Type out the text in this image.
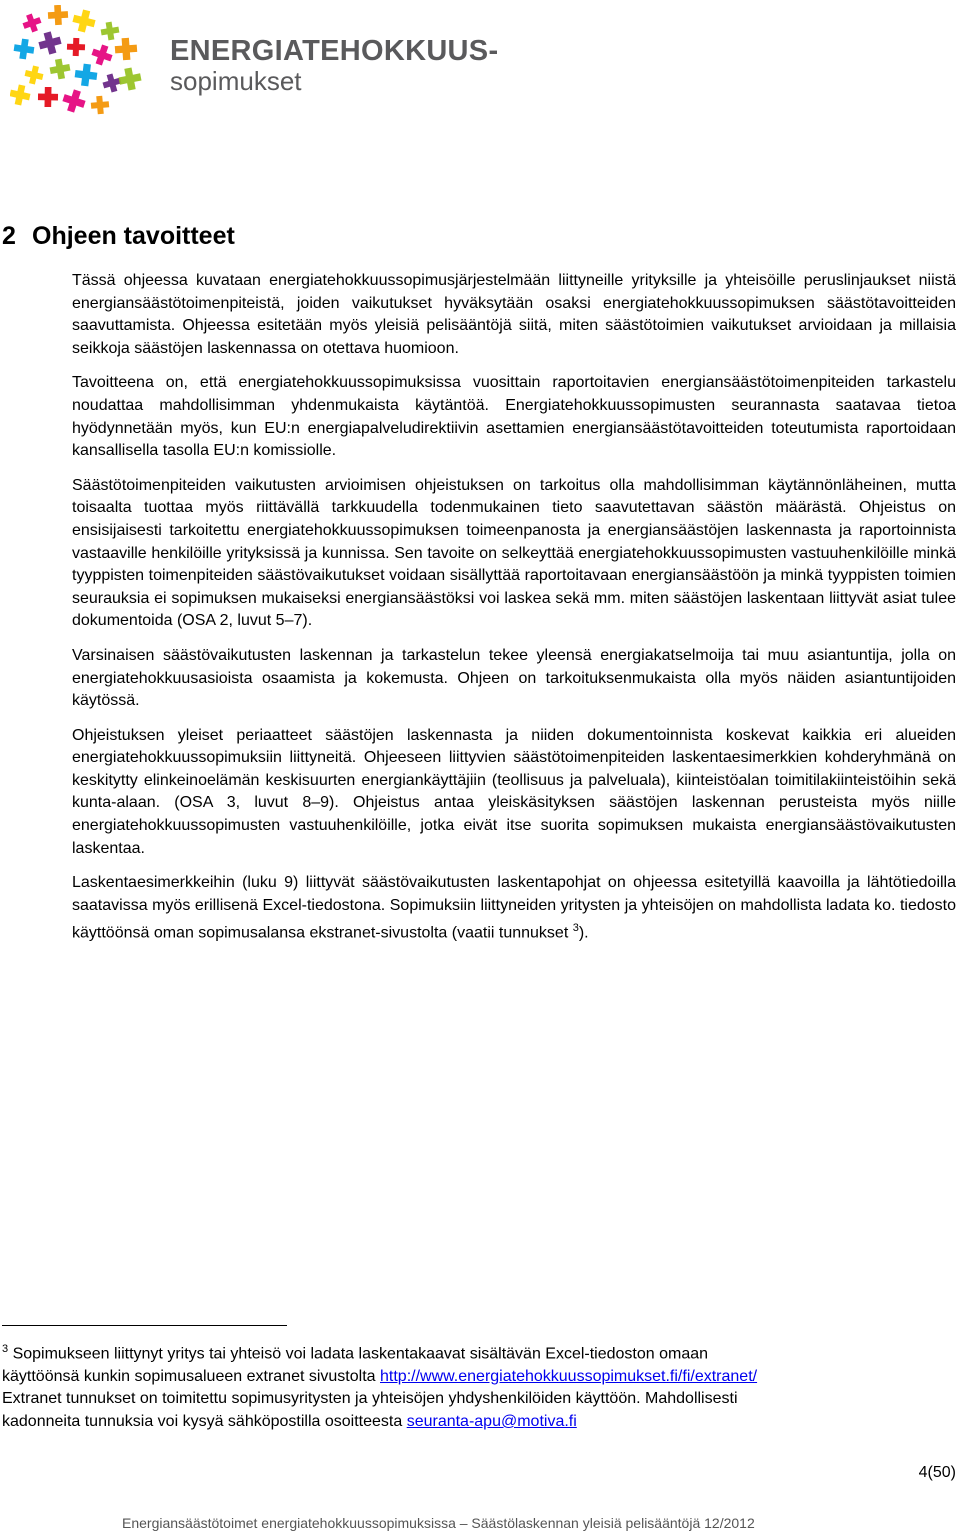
ENERGIATEHOKKUUS-
sopimukset
2 Ohjeen tavoitteet

Tässä ohjeessa kuvataan energiatehokkuussopimusjärjestelmään liittyneille yrityksille ja yhteisöille peruslinjaukset niistä energiansäästötoimenpiteistä, joiden vaikutukset hyväksytään osaksi energiatehokkuussopimuksen säästötavoitteiden saavuttamista. Ohjeessa esitetään myös yleisiä pelisääntöjä siitä, miten säästötoimien vaikutukset arvioidaan ja millaisia seikkoja säästöjen laskennassa on otettava huomioon.

Tavoitteena on, että energiatehokkuussopimuksissa vuosittain raportoitavien energiansäästötoimenpiteiden tarkastelu noudattaa mahdollisimman yhdenmukaista käytäntöä. Energiatehokkuussopimusten seurannasta saatavaa tietoa hyödynnetään myös, kun EU:n energiapalveludirektiivin asettamien energiansäästötavoitteiden toteutumista raportoidaan kansallisella tasolla EU:n komissiolle.

Säästötoimenpiteiden vaikutusten arvioimisen ohjeistuksen on tarkoitus olla mahdollisimman käytännönläheinen, mutta toisaalta tuottaa myös riittävällä tarkkuudella todenmukainen tieto saavutettavan säästön määrästä. Ohjeistus on ensisijaisesti tarkoitettu energiatehokkuussopimuksen toimeenpanosta ja energiansäästöjen laskennasta ja raportoinnista vastaaville henkilöille yrityksissä ja kunnissa. Sen tavoite on selkeyttää energiatehokkuussopimusten vastuuhenkilöille minkä tyyppisten toimenpiteiden säästövaikutukset voidaan sisällyttää raportoitavaan energiansäästöön ja minkä tyyppisten toimien seurauksia ei sopimuksen mukaiseksi energiansäästöksi voi laskea sekä mm. miten säästöjen laskentaan liittyvät asiat tulee dokumentoida (OSA 2, luvut 5–7).

Varsinaisen säästövaikutusten laskennan ja tarkastelun tekee yleensä energiakatselmoija tai muu asiantuntija, jolla on energiatehokkuusasioista osaamista ja kokemusta. Ohjeen on tarkoituksenmukaista olla myös näiden asiantuntijoiden käytössä.

Ohjeistuksen yleiset periaatteet säästöjen laskennasta ja niiden dokumentoinnista koskevat kaikkia eri alueiden energiatehokkuussopimuksiin liittyneitä. Ohjeeseen liittyvien säästötoimenpiteiden laskentaesimerkkien kohderyhmänä on keskitytty elinkeinoelämän keskisuurten energiankäyttäjiin (teollisuus ja palveluala), kiinteistöalan toimitilakiinteistöihin sekä kunta-alaan. (OSA 3, luvut 8–9). Ohjeistus antaa yleiskäsityksen säästöjen laskennan perusteista myös niille energiatehokkuussopimusten vastuuhenkilöille, jotka eivät itse suorita sopimuksen mukaista energiansäästövaikutusten laskentaa.

Laskentaesimerkkeihin (luku 9) liittyvät säästövaikutusten laskentapohjat on ohjeessa esitetyillä kaavoilla ja lähtötiedoilla saatavissa myös erillisenä Excel-tiedostona. Sopimuksiin liittyneiden yritysten ja yhteisöjen on mahdollista ladata ko. tiedosto käyttöönsä oman sopimusalansa ekstranet-sivustolta (vaatii tunnukset $^3$).

$^3$ Sopimukseen liittynyt yritys tai yhteisö voi ladata laskentakaavat sisältävän Excel-tiedoston omaan

käyttöönsä kunkin sopimusalueen extranet sivustolta http://www.energiatehokkuussopimukset.fi/fi/extranet/

Extranet tunnukset on toimitettu sopimusyritysten ja yhteisöjen yhdyshenkilöiden käyttöön. Mahdollisesti

kadonneita tunnuksia voi kysyä sähköpostilla osoitteesta seuranta-apu@motiva.fi

4(50)
Energiansäästötoimet energiatehokkuussopimuksissa – Säästölaskennan yleisiä pelisääntöjä 12/2012
